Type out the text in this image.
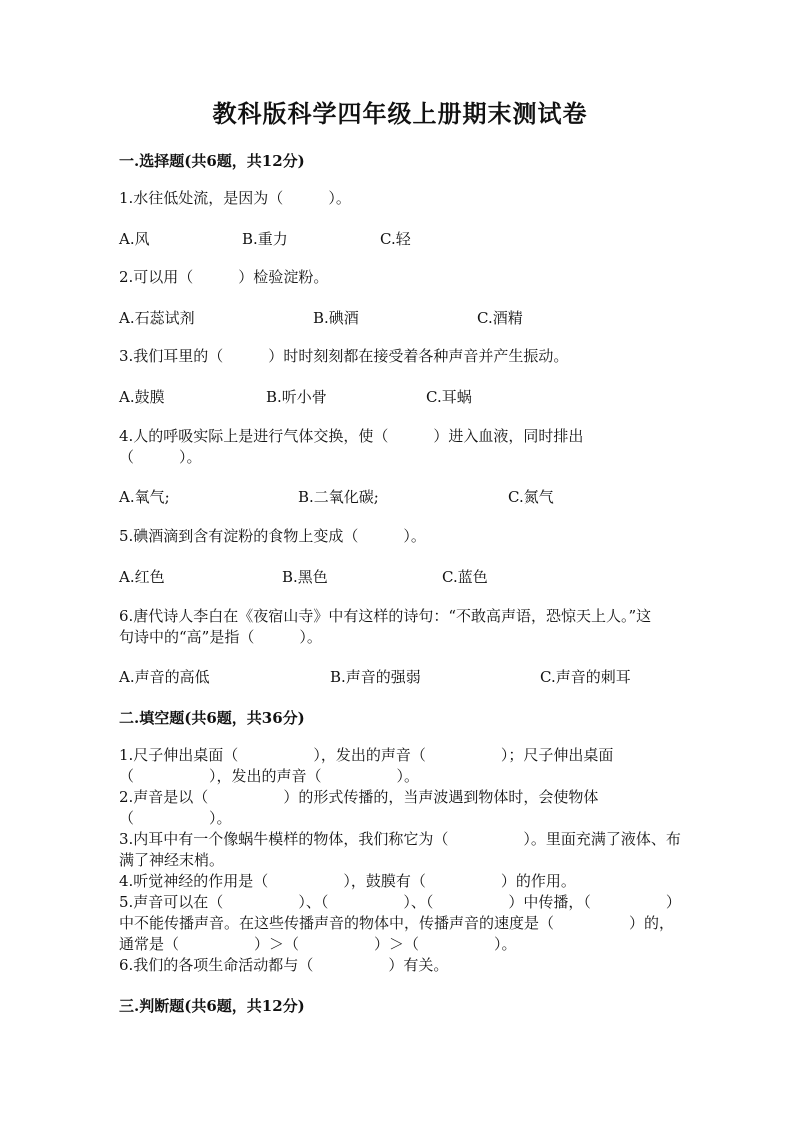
教科版科学四年级上册期末测试卷
一.选择题(共6题，共12分)
1.水往低处流，是因为（　　　）。
A.风	B.重力	C.轻
2.可以用（　　　）检验淀粉。
A.石蕊试剂	B.碘酒	C.酒精
3.我们耳里的（　　　）时时刻刻都在接受着各种声音并产生振动。
A.鼓膜	B.听小骨	C.耳蜗
4.人的呼吸实际上是进行气体交换，使（　　　）进入血液，同时排出（　　　）。
A.氧气;	B.二氧化碳;	C.氮气
5.碘酒滴到含有淀粉的食物上变成（　　　）。
A.红色	B.黑色	C.蓝色
6.唐代诗人李白在《夜宿山寺》中有这样的诗句：“不敢高声语，恐惊天上人。”这句诗中的“高”是指（　　　）。
A.声音的高低	B.声音的强弱	C.声音的刺耳
二.填空题(共6题，共36分)
1.尺子伸出桌面（　　　　　），发出的声音（　　　　　）；尺子伸出桌面（　　　　　），发出的声音（　　　　　）。
2.声音是以（　　　　　）的形式传播的，当声波遇到物体时，会使物体（　　　　　）。
3.内耳中有一个像蜗牛模样的物体，我们称它为（　　　　　）。里面充满了液体、布满了神经末梢。
4.听觉神经的作用是（　　　　　），鼓膜有（　　　　　）的作用。
5.声音可以在（　　　　　）、（　　　　　）、（　　　　　）中传播，（　　　　　）中不能传播声音。在这些传播声音的物体中，传播声音的速度是（　　　　　）的，通常是（　　　　　）＞（　　　　　）＞（　　　　　）。
6.我们的各项生命活动都与（　　　　　）有关。
三.判断题(共6题，共12分)
